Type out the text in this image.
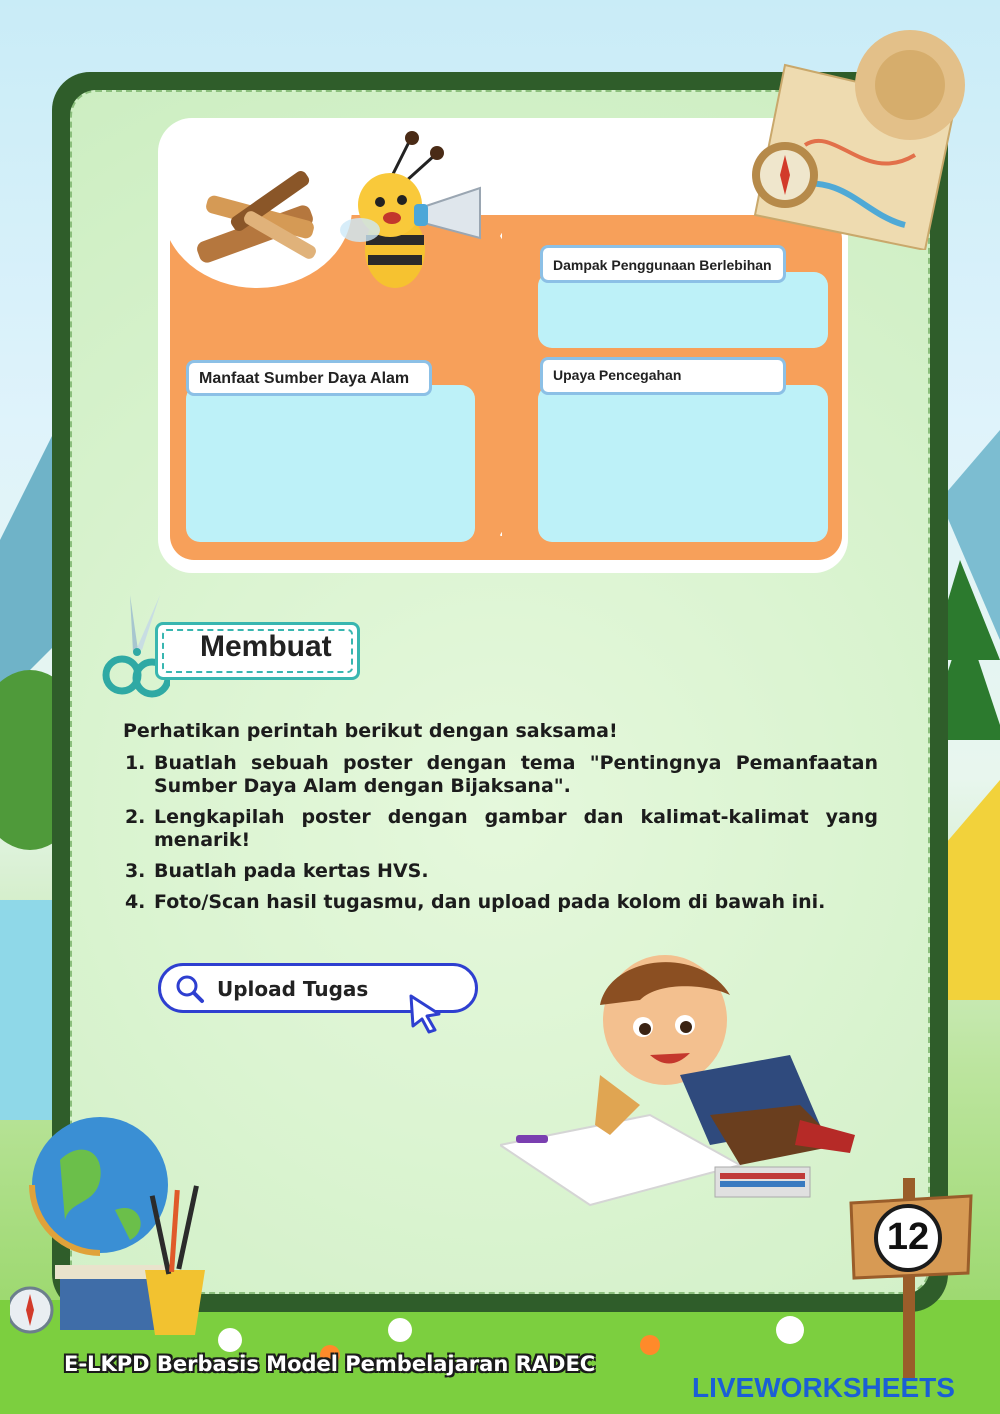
Manfaat Sumber Daya Alam
Dampak Penggunaan Berlebihan
Upaya Pencegahan
Membuat

Perhatikan perintah berikut dengan saksama!

1. Buatlah sebuah poster dengan tema "Pentingnya Pemanfaatan Sumber Daya Alam dengan Bijaksana".
2. Lengkapilah poster dengan gambar dan kalimat-kalimat yang menarik!
3. Buatlah pada kertas HVS.
4. Foto/Scan hasil tugasmu, dan upload pada kolom di bawah ini.
Upload Tugas
12
E-LKPD Berbasis Model Pembelajaran RADEC
LIVEWORKSHEETS
